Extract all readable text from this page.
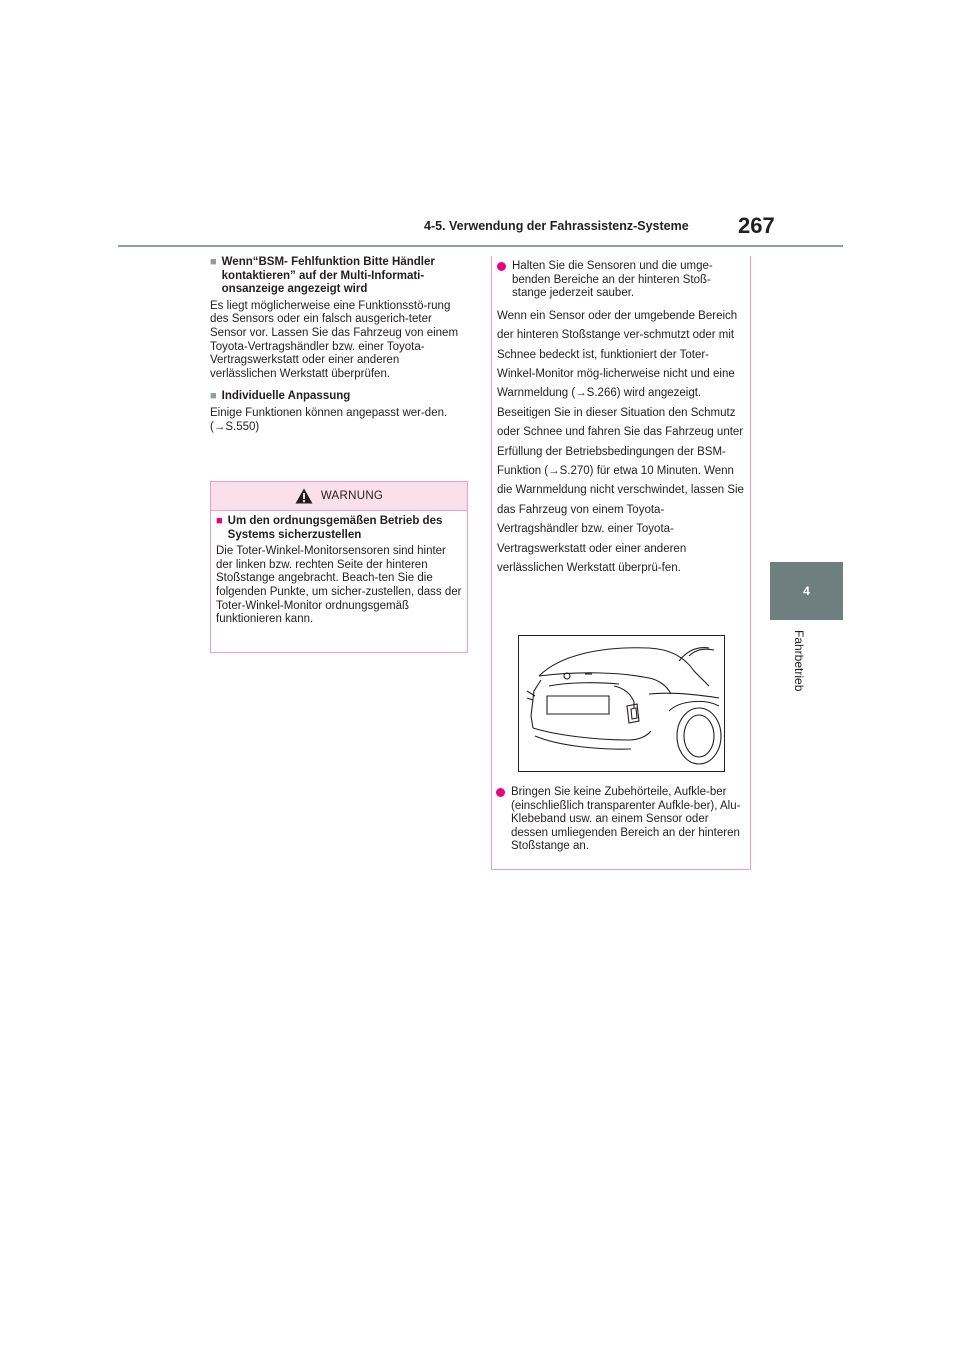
4-5. Verwendung der Fahrassistenz-Systeme 267
4
Fahrbetrieb
■ Wenn“BSM- Fehlfunktion Bitte Händler kontaktieren” auf der Multi-Informati-onsanzeige angezeigt wird
Es liegt möglicherweise eine Funktionsstö-rung des Sensors oder ein falsch ausgerich-teter Sensor vor. Lassen Sie das Fahrzeug von einem Toyota-Vertragshändler bzw. einer Toyota-Vertragswerkstatt oder einer anderen verlässlichen Werkstatt überprüfen.
■ Individuelle Anpassung
Einige Funktionen können angepasst wer-den. (→S.550)
WARNUNG
■ Um den ordnungsgemäßen Betrieb des Systems sicherzustellen
Die Toter-Winkel-Monitorsensoren sind hinter der linken bzw. rechten Seite der hinteren Stoßstange angebracht. Beach-ten Sie die folgenden Punkte, um sicher-zustellen, dass der Toter-Winkel-Monitor ordnungsgemäß funktionieren kann.
Halten Sie die Sensoren und die umge-benden Bereiche an der hinteren Stoß-stange jederzeit sauber.
Wenn ein Sensor oder der umgebende Bereich der hinteren Stoßstange ver-schmutzt oder mit Schnee bedeckt ist, funktioniert der Toter-Winkel-Monitor mög-licherweise nicht und eine Warnmeldung (→S.266) wird angezeigt. Beseitigen Sie in dieser Situation den Schmutz oder Schnee und fahren Sie das Fahrzeug unter Erfüllung der Betriebsbedingungen der BSM-Funktion (→S.270) für etwa 10 Minuten. Wenn die Warnmeldung nicht verschwindet, lassen Sie das Fahrzeug von einem Toyota-Vertragshändler bzw. einer Toyota-Vertragswerkstatt oder einer anderen verlässlichen Werkstatt überprü-fen.
Bringen Sie keine Zubehörteile, Aufkle-ber (einschließlich transparenter Aufkle-ber), Alu-Klebeband usw. an einem Sensor oder dessen umliegenden Bereich an der hinteren Stoßstange an.
